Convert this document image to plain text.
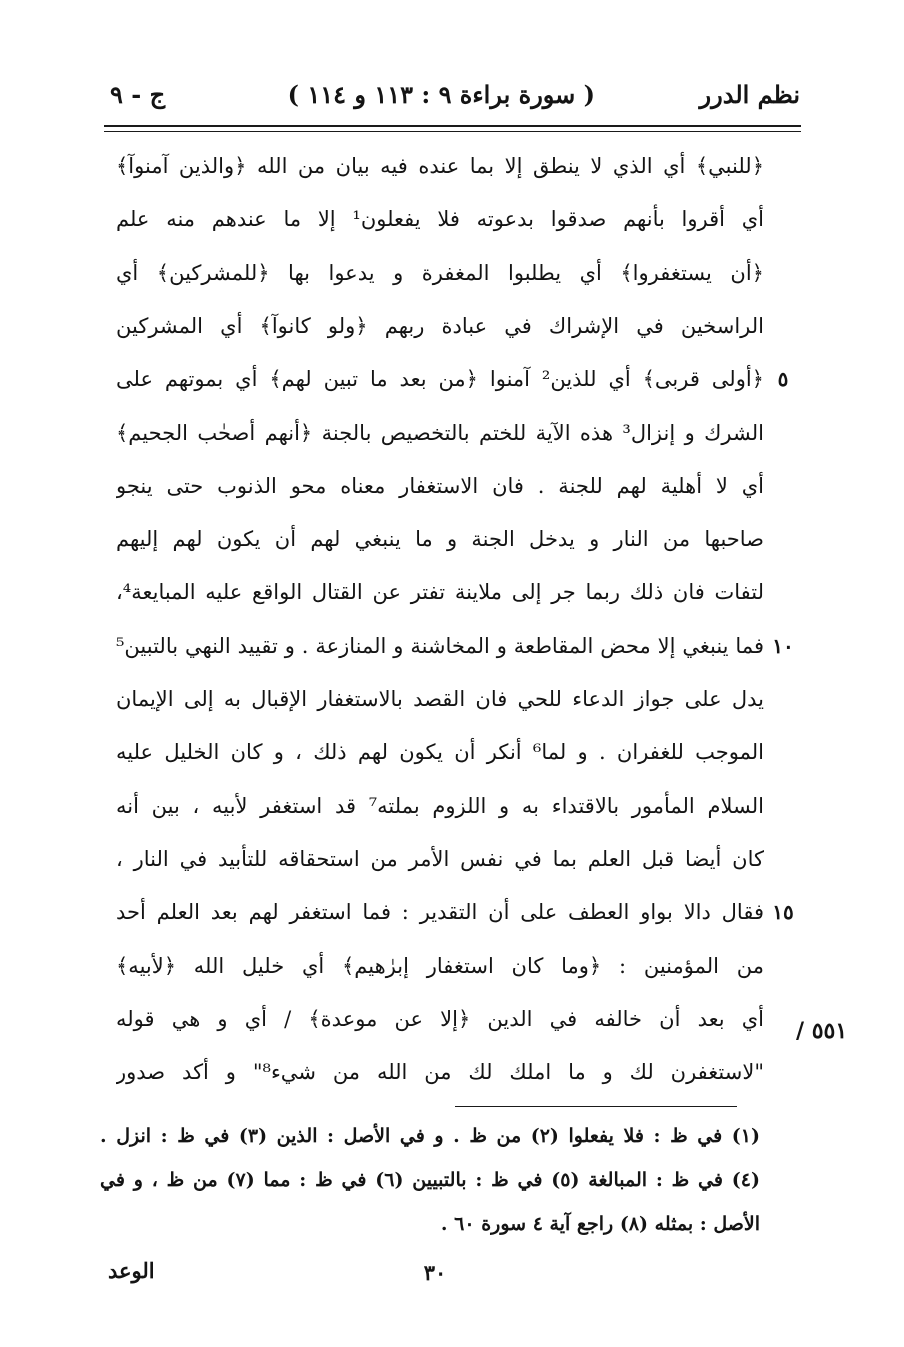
نظم الدرر
( سورة براءة ٩ : ١١٣ و ١١٤ )
ج - ٩
﴿للنبي﴾ أي الذي لا ينطق إلا بما عنده فيه بيان من الله ﴿والذين آمنوآ﴾
أي أقروا بأنهم صدقوا بدعوته فلا يفعلون¹ إلا ما عندهم منه علم
﴿أن يستغفروا﴾ أي يطلبوا المغفرة و يدعوا بها ﴿للمشركين﴾ أي
الراسخين في الإشراك في عبادة ربهم ﴿ولو كانوآ﴾ أي المشركين
﴿أولى قربى﴾ أي للذين² آمنوا ﴿من بعد ما تبين لهم﴾ أي بموتهم على ٥
الشرك و إنزال³ هذه الآية للختم بالتخصيص بالجنة ﴿أنهم أصحٰب الجحيم﴾
أي لا أهلية لهم للجنة . فان الاستغفار معناه محو الذنوب حتى ينجو
صاحبها من النار و يدخل الجنة و ما ينبغي لهم أن يكون لهم إليهم
لتفات فان ذلك ربما جر إلى ملاينة تفتر عن القتال الواقع عليه المبايعة⁴،
فما ينبغي إلا محض المقاطعة و المخاشنة و المنازعة . و تقييد النهي بالتبين⁵ ١٠
يدل على جواز الدعاء للحي فان القصد بالاستغفار الإقبال به إلى الإيمان
الموجب للغفران . و لما⁶ أنكر أن يكون لهم ذلك ، و كان الخليل عليه
السلام المأمور بالاقتداء به و اللزوم بملته⁷ قد استغفر لأبيه ، بين أنه
كان أيضا قبل العلم بما في نفس الأمر من استحقاقه للتأبيد في النار ،
فقال دالا بواو العطف على أن التقدير : فما استغفر لهم بعد العلم أحد ١٥
من المؤمنين : ﴿وما كان استغفار إبرٰهيم﴾ أي خليل الله ﴿لأبيه﴾
أي بعد أن خالفه في الدين ﴿إلا عن موعدة﴾ / أي و هي قوله
"لاستغفرن لك و ما املك لك من الله من شيء⁸" و أكد صدور
٥٥١ /
(١) في ظ : فلا يفعلوا (٢) من ظ . و في الأصل : الذين (٣) في ظ : انزل .
(٤) في ظ : المبالغة (٥) في ظ : بالتبيين (٦) في ظ : مما (٧) من ظ ، و في
الأصل : بمثله (٨) راجع آية ٤ سورة ٦٠ .
٣٠
الوعد
